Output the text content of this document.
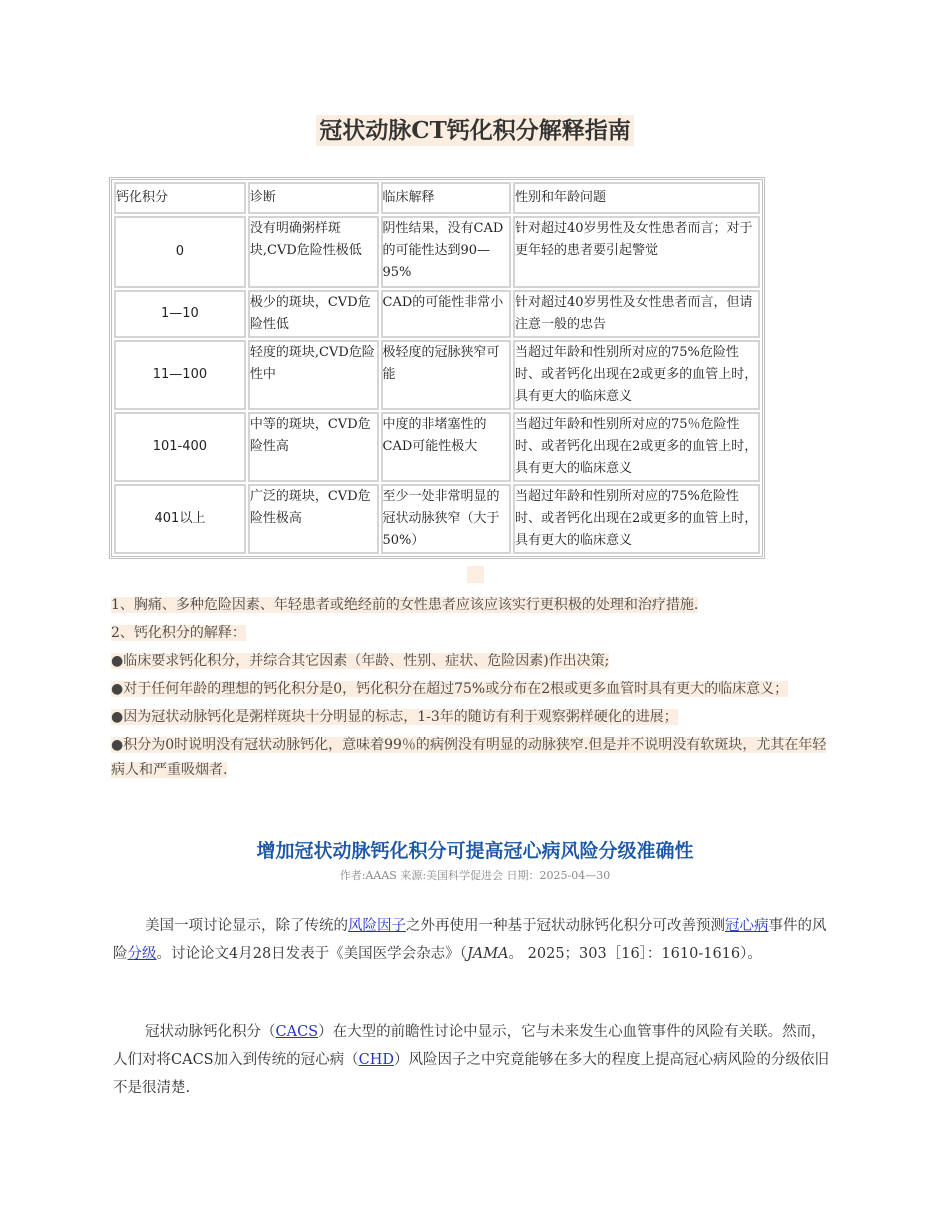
冠状动脉CT钙化积分解释指南
钙化积分	诊断	临床解释	性别和年龄问题
0	没有明确粥样斑块,CVD危险性极低	阴性结果，没有CAD的可能性达到90—95%	针对超过40岁男性及女性患者而言；对于更年轻的患者要引起警觉
1—10	极少的斑块，CVD危险性低	CAD的可能性非常小	针对超过40岁男性及女性患者而言，但请注意一般的忠告
11—100	轻度的斑块,CVD危险性中	极轻度的冠脉狭窄可能	当超过年龄和性别所对应的75%危险性时、或者钙化出现在2或更多的血管上时，具有更大的临床意义
101-400	中等的斑块，CVD危险性高	中度的非堵塞性的CAD可能性极大	当超过年龄和性别所对应的75％危险性时、或者钙化出现在2或更多的血管上时，具有更大的临床意义
401以上	广泛的斑块，CVD危险性极高	至少一处非常明显的冠状动脉狭窄（大于50%）	当超过年龄和性别所对应的75%危险性时、或者钙化出现在2或更多的血管上时，具有更大的临床意义

1、胸痛、多种危险因素、年轻患者或绝经前的女性患者应该应该实行更积极的处理和治疗措施.

2、钙化积分的解释：

●临床要求钙化积分，并综合其它因素（年龄、性别、症状、危险因素)作出决策;

●对于任何年龄的理想的钙化积分是0，钙化积分在超过75%或分布在2根或更多血管时具有更大的临床意义；

●因为冠状动脉钙化是粥样斑块十分明显的标志，1-3年的随访有利于观察粥样硬化的进展；

●积分为0时说明没有冠状动脉钙化，意味着99％的病例没有明显的动脉狭窄.但是并不说明没有软斑块，尤其在年轻病人和严重吸烟者.

增加冠状动脉钙化积分可提高冠心病风险分级准确性
作者:AAAS 来源:美国科学促进会 日期：2025-04—30
美国一项讨论显示，除了传统的风险因子之外再使用一种基于冠状动脉钙化积分可改善预测冠心病事件的风险分级。讨论论文4月28日发表于《美国医学会杂志》（JAMA。 2025；303［16］：1610-1616）。
冠状动脉钙化积分（CACS）在大型的前瞻性讨论中显示，它与未来发生心血管事件的风险有关联。然而，人们对将CACS加入到传统的冠心病（CHD）风险因子之中究竟能够在多大的程度上提高冠心病风险的分级依旧不是很清楚.
